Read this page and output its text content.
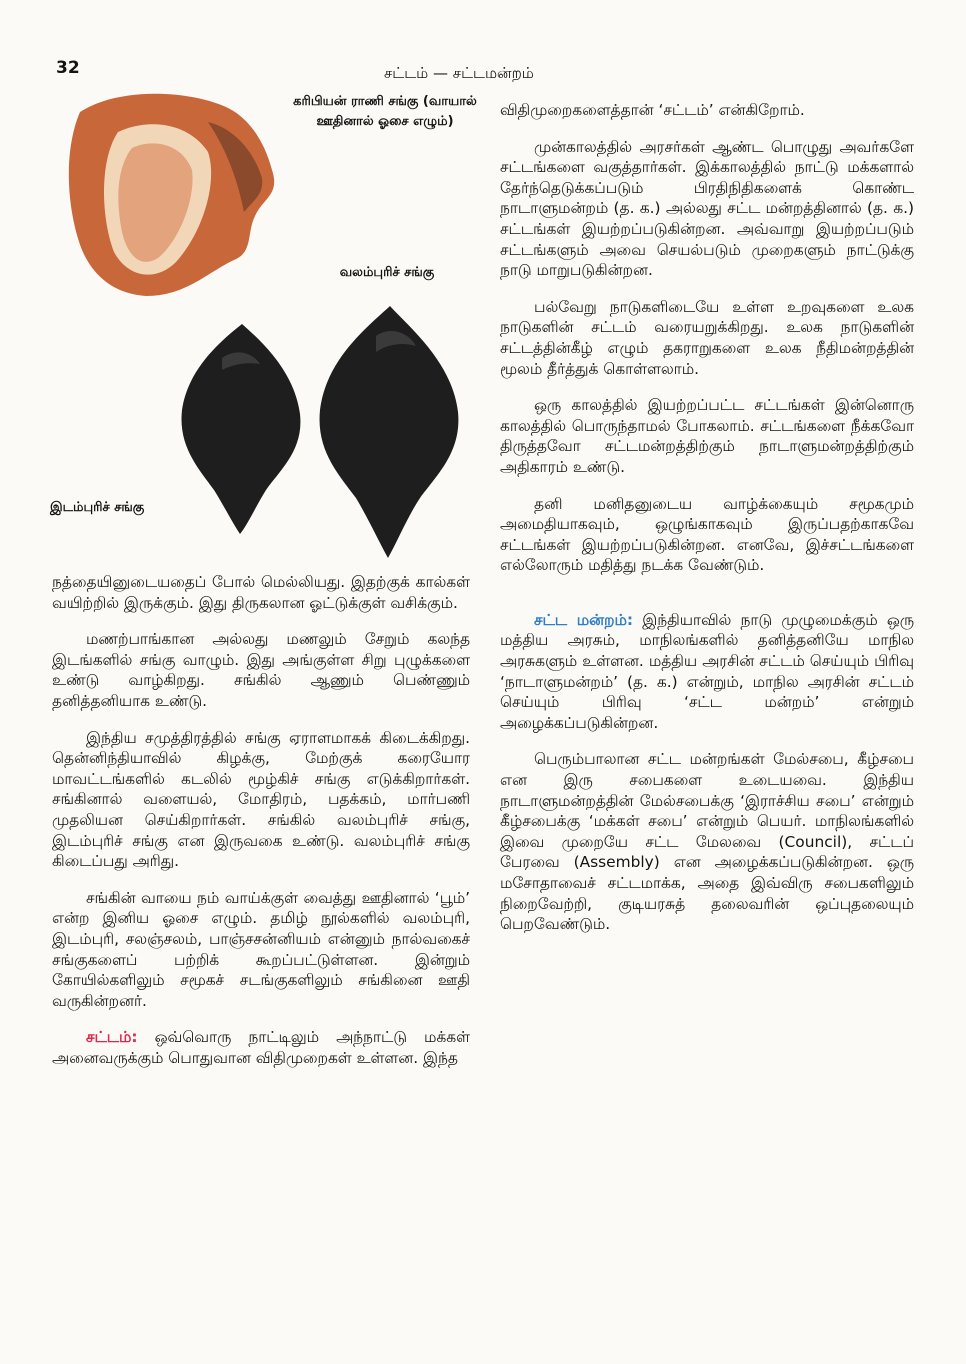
32	சட்டம் — சட்டமன்றம்
கரிபியன் ராணி சங்கு (வாயால் ஊதினால் ஓசை எழும்)
வலம்புரிச் சங்கு
இடம்புரிச் சங்கு

நத்தையினுடையதைப் போல் மெல்லியது. இதற்குக் கால்கள் வயிற்றில் இருக்கும். இது திருகலான ஓட்டுக்குள் வசிக்கும்.

மணற்பாங்கான அல்லது மணலும் சேறும் கலந்த இடங்களில் சங்கு வாழும். இது அங்குள்ள சிறு புழுக்களை உண்டு வாழ்கிறது. சங்கில் ஆணும் பெண்ணும் தனித்தனியாக உண்டு.

இந்திய சமுத்திரத்தில் சங்கு ஏராளமாகக் கிடைக்கிறது. தென்னிந்தியாவில் கிழக்கு, மேற்குக் கரையோர மாவட்டங்களில் கடலில் மூழ்கிச் சங்கு எடுக்கிறார்கள். சங்கினால் வளையல், மோதிரம், பதக்கம், மார்பணி முதலியன செய்கிறார்கள். சங்கில் வலம்புரிச் சங்கு, இடம்புரிச் சங்கு என இருவகை உண்டு. வலம்புரிச் சங்கு கிடைப்பது அரிது.

சங்கின் வாயை நம் வாய்க்குள் வைத்து ஊதினால் ‘பூம்’ என்ற இனிய ஓசை எழும். தமிழ் நூல்களில் வலம்புரி, இடம்புரி, சலஞ்சலம், பாஞ்சசன்னியம் என்னும் நால்வகைச் சங்குகளைப் பற்றிக் கூறப்பட்டுள்ளன. இன்றும் கோயில்களிலும் சமூகச் சடங்குகளிலும் சங்கினை ஊதி வருகின்றனர்.

சட்டம்: ஒவ்வொரு நாட்டிலும் அந்நாட்டு மக்கள் அனைவருக்கும் பொதுவான விதிமுறைகள் உள்ளன. இந்த

விதிமுறைகளைத்தான் ‘சட்டம்’ என்கிறோம்.

முன்காலத்தில் அரசர்கள் ஆண்ட பொழுது அவர்களே சட்டங்களை வகுத்தார்கள். இக்காலத்தில் நாட்டு மக்களால் தேர்ந்தெடுக்கப்படும் பிரதிநிதிகளைக் கொண்ட நாடாளுமன்றம் (த. க.) அல்லது சட்ட மன்றத்தினால் (த. க.) சட்டங்கள் இயற்றப்படுகின்றன. அவ்வாறு இயற்றப்படும் சட்டங்களும் அவை செயல்படும் முறைகளும் நாட்டுக்கு நாடு மாறுபடுகின்றன.

பல்வேறு நாடுகளிடையே உள்ள உறவுகளை உலக நாடுகளின் சட்டம் வரையறுக்கிறது. உலக நாடுகளின் சட்டத்தின்கீழ் எழும் தகராறுகளை உலக நீதிமன்றத்தின் மூலம் தீர்த்துக் கொள்ளலாம்.

ஒரு காலத்தில் இயற்றப்பட்ட சட்டங்கள் இன்னொரு காலத்தில் பொருந்தாமல் போகலாம். சட்டங்களை நீக்கவோ திருத்தவோ சட்டமன்றத்திற்கும் நாடாளுமன்றத்திற்கும் அதிகாரம் உண்டு.

தனி மனிதனுடைய வாழ்க்கையும் சமூகமும் அமைதியாகவும், ஒழுங்காகவும் இருப்பதற்காகவே சட்டங்கள் இயற்றப்படுகின்றன. எனவே, இச்சட்டங்களை எல்லோரும் மதித்து நடக்க வேண்டும்.

சட்ட மன்றம்: இந்தியாவில் நாடு முழுமைக்கும் ஒரு மத்திய அரசும், மாநிலங்களில் தனித்தனியே மாநில அரசுகளும் உள்ளன. மத்திய அரசின் சட்டம் செய்யும் பிரிவு ‘நாடாளுமன்றம்’ (த. க.) என்றும், மாநில அரசின் சட்டம் செய்யும் பிரிவு ‘சட்ட மன்றம்’ என்றும் அழைக்கப்படுகின்றன.

பெரும்பாலான சட்ட மன்றங்கள் மேல்சபை, கீழ்சபை என இரு சபைகளை உடையவை. இந்திய நாடாளுமன்றத்தின் மேல்சபைக்கு ‘இராச்சிய சபை’ என்றும் கீழ்சபைக்கு ‘மக்கள் சபை’ என்றும் பெயர். மாநிலங்களில் இவை முறையே சட்ட மேலவை (Council), சட்டப் பேரவை (Assembly) என அழைக்கப்படுகின்றன. ஒரு மசோதாவைச் சட்டமாக்க, அதை இவ்விரு சபைகளிலும் நிறைவேற்றி, குடியரசுத் தலைவரின் ஒப்புதலையும் பெறவேண்டும்.
